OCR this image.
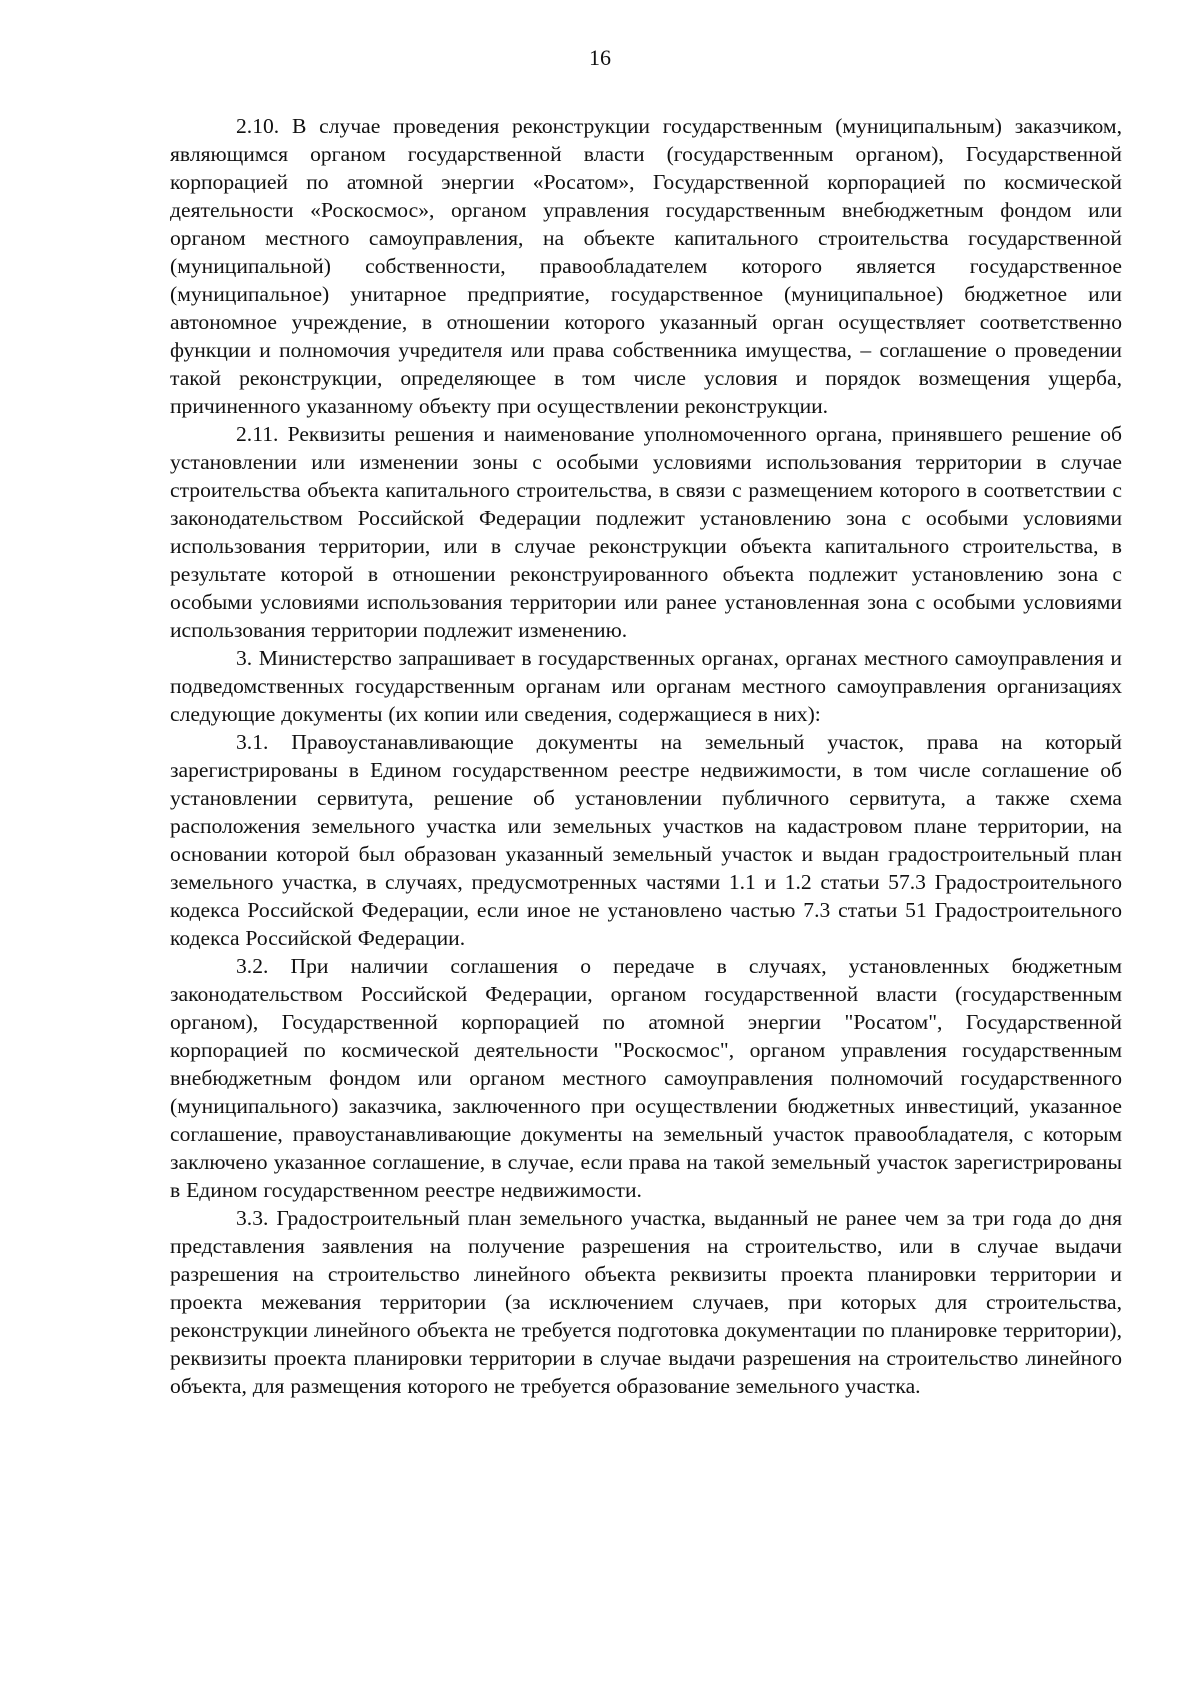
16

2.10. В случае проведения реконструкции государственным (муниципальным) заказчиком, являющимся органом государственной власти (государственным органом), Государственной корпорацией по атомной энергии «Росатом», Государственной корпорацией по космической деятельности «Роскосмос», органом управления государственным внебюджетным фондом или органом местного самоуправления, на объекте капитального строительства государственной (муниципальной) собственности, правообладателем которого является государственное (муниципальное) унитарное предприятие, государственное (муниципальное) бюджетное или автономное учреждение, в отношении которого указанный орган осуществляет соответственно функции и полномочия учредителя или права собственника имущества, – соглашение о проведении такой реконструкции, определяющее в том числе условия и порядок возмещения ущерба, причиненного указанному объекту при осуществлении реконструкции.

2.11. Реквизиты решения и наименование уполномоченного органа, принявшего решение об установлении или изменении зоны с особыми условиями использования территории в случае строительства объекта капитального строительства, в связи с размещением которого в соответствии с законодательством Российской Федерации подлежит установлению зона с особыми условиями использования территории, или в случае реконструкции объекта капитального строительства, в результате которой в отношении реконструированного объекта подлежит установлению зона с особыми условиями использования территории или ранее установленная зона с особыми условиями использования территории подлежит изменению.

3. Министерство запрашивает в государственных органах, органах местного самоуправления и подведомственных государственным органам или органам местного самоуправления организациях следующие документы (их копии или сведения, содержащиеся в них):

3.1. Правоустанавливающие документы на земельный участок, права на который зарегистрированы в Едином государственном реестре недвижимости, в том числе соглашение об установлении сервитута, решение об установлении публичного сервитута, а также схема расположения земельного участка или земельных участков на кадастровом плане территории, на основании которой был образован указанный земельный участок и выдан градостроительный план земельного участка, в случаях, предусмотренных частями 1.1 и 1.2 статьи 57.3 Градостроительного кодекса Российской Федерации, если иное не установлено частью 7.3 статьи 51 Градостроительного кодекса Российской Федерации.

3.2. При наличии соглашения о передаче в случаях, установленных бюджетным законодательством Российской Федерации, органом государственной власти (государственным органом), Государственной корпорацией по атомной энергии "Росатом", Государственной корпорацией по космической деятельности "Роскосмос", органом управления государственным внебюджетным фондом или органом местного самоуправления полномочий государственного (муниципального) заказчика, заключенного при осуществлении бюджетных инвестиций, указанное соглашение, правоустанавливающие документы на земельный участок правообладателя, с которым заключено указанное соглашение, в случае, если права на такой земельный участок зарегистрированы в Едином государственном реестре недвижимости.

3.3. Градостроительный план земельного участка, выданный не ранее чем за три года до дня представления заявления на получение разрешения на строительство, или в случае выдачи разрешения на строительство линейного объекта реквизиты проекта планировки территории и проекта межевания территории (за исключением случаев, при которых для строительства, реконструкции линейного объекта не требуется подготовка документации по планировке территории), реквизиты проекта планировки территории в случае выдачи разрешения на строительство линейного объекта, для размещения которого не требуется образование земельного участка.
